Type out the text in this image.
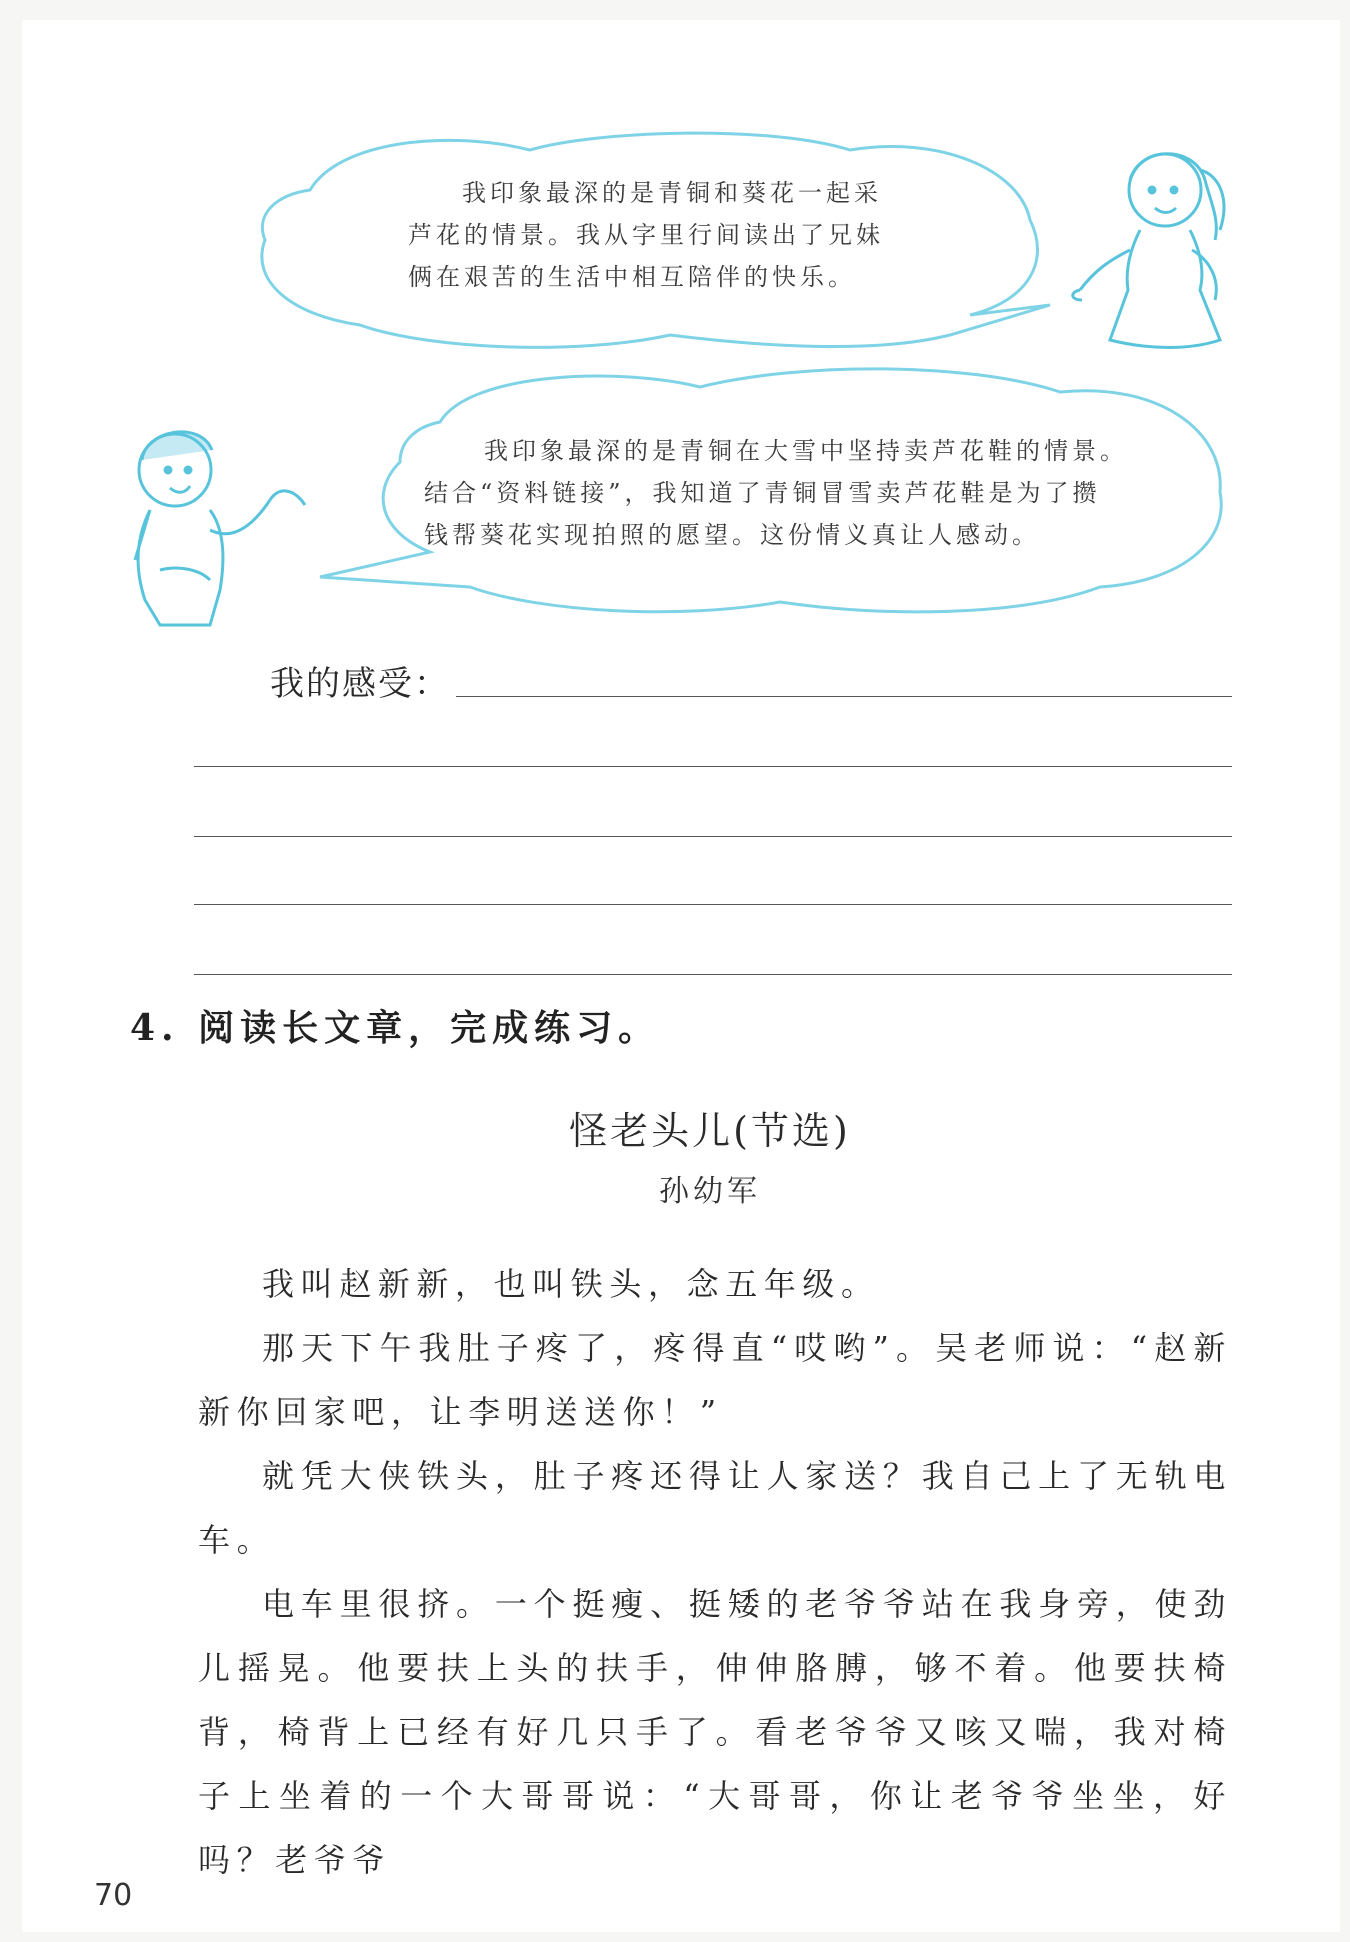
我印象最深的是青铜和葵花一起采

芦花的情景。我从字里行间读出了兄妹

俩在艰苦的生活中相互陪伴的快乐。

我印象最深的是青铜在大雪中坚持卖芦花鞋的情景。

结合“资料链接”，我知道了青铜冒雪卖芦花鞋是为了攒

钱帮葵花实现拍照的愿望。这份情义真让人感动。

我的感受：
4. 阅读长文章，完成练习。
怪老头儿(节选)
孙幼军

我叫赵新新，也叫铁头，念五年级。

那天下午我肚子疼了，疼得直“哎哟”。吴老师说：“赵新新你回家吧，让李明送送你！”

就凭大侠铁头，肚子疼还得让人家送？我自己上了无轨电车。

电车里很挤。一个挺瘦、挺矮的老爷爷站在我身旁，使劲儿摇晃。他要扶上头的扶手，伸伸胳膊，够不着。他要扶椅背，椅背上已经有好几只手了。看老爷爷又咳又喘，我对椅子上坐着的一个大哥哥说：“大哥哥，你让老爷爷坐坐，好吗？老爷爷

70
